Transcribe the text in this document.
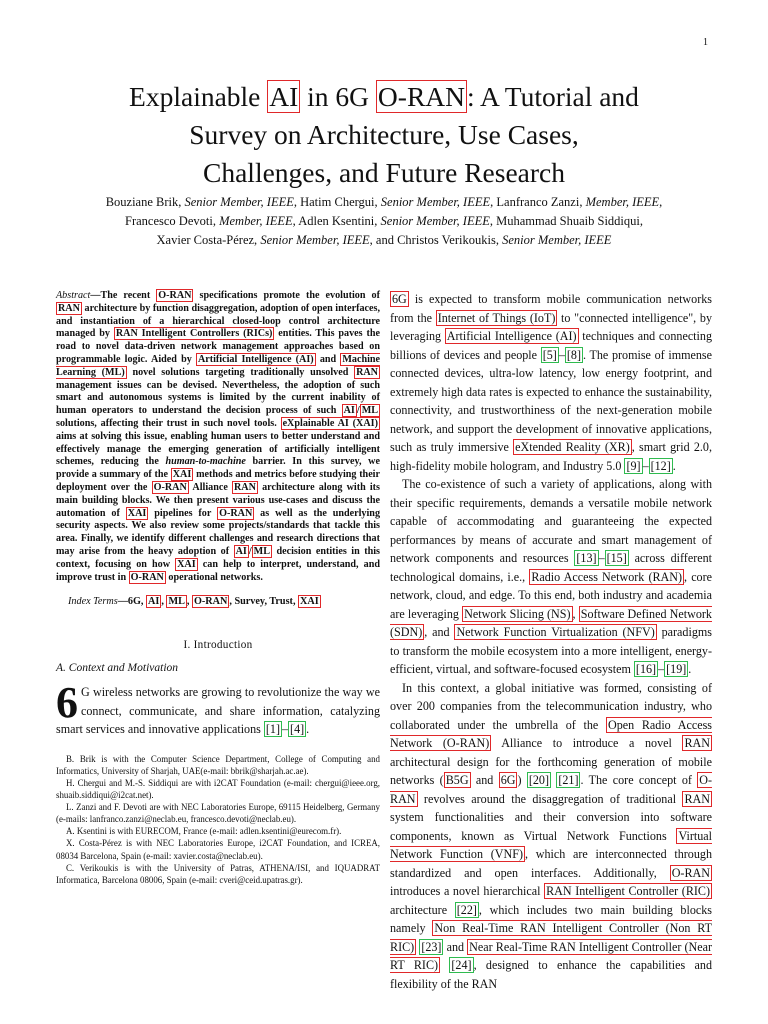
1
Explainable AI in 6G O-RAN: A Tutorial and
Survey on Architecture, Use Cases,
Challenges, and Future Research
Bouziane Brik, Senior Member, IEEE, Hatim Chergui, Senior Member, IEEE, Lanfranco Zanzi, Member, IEEE,
Francesco Devoti, Member, IEEE, Adlen Ksentini, Senior Member, IEEE, Muhammad Shuaib Siddiqui,
Xavier Costa-Pérez, Senior Member, IEEE, and Christos Verikoukis, Senior Member, IEEE

Abstract—The recent O-RAN specifications promote the evolution of RAN architecture by function disaggregation, adoption of open interfaces, and instantiation of a hierarchical closed-loop control architecture managed by RAN Intelligent Controllers (RICs) entities. This paves the road to novel data-driven network management approaches based on programmable logic. Aided by Artificial Intelligence (AI) and Machine Learning (ML) novel solutions targeting traditionally unsolved RAN management issues can be devised. Nevertheless, the adoption of such smart and autonomous systems is limited by the current inability of human operators to understand the decision process of such AI / ML solutions, affecting their trust in such novel tools. eXplainable AI (XAI) aims at solving this issue, enabling human users to better understand and effectively manage the emerging generation of artificially intelligent schemes, reducing the human-to-machine barrier. In this survey, we provide a summary of the XAI methods and metrics before studying their deployment over the O-RAN Alliance RAN architecture along with its main building blocks. We then present various use-cases and discuss the automation of XAI pipelines for O-RAN as well as the underlying security aspects. We also review some projects/standards that tackle this area. Finally, we identify different challenges and research directions that may arise from the heavy adoption of AI / ML decision entities in this context, focusing on how XAI can help to interpret, understand, and improve trust in O-RAN operational networks.

Index Terms—6G, AI , ML , O-RAN , Survey, Trust, XAI

I. Introduction
A. Context and Motivation

6 G wireless networks are growing to revolutionize the way we connect, communicate, and share information, catalyzing smart services and innovative applications [1] – [4] .

B. Brik is with the Computer Science Department, College of Computing and Informatics, University of Sharjah, UAE(e-mail: bbrik@sharjah.ac.ae).

H. Chergui and M.-S. Siddiqui are with i2CAT Foundation (e-mail: chergui@ieee.org, shuaib.siddiqui@i2cat.net).

L. Zanzi and F. Devoti are with NEC Laboratories Europe, 69115 Heidelberg, Germany (e-mails: lanfranco.zanzi@neclab.eu, francesco.devoti@neclab.eu).

A. Ksentini is with EURECOM, France (e-mail: adlen.ksentini@eurecom.fr).

X. Costa-Pérez is with NEC Laboratories Europe, i2CAT Foundation, and ICREA, 08034 Barcelona, Spain (e-mail: xavier.costa@neclab.eu).

C. Verikoukis is with the University of Patras, ATHENA/ISI, and IQUADRAT Informatica, Barcelona 08006, Spain (e-mail: cveri@ceid.upatras.gr).

6G is expected to transform mobile communication networks from the Internet of Things (IoT) to "connected intelligence", by leveraging Artificial Intelligence (AI) techniques and connecting billions of devices and people [5] – [8] . The promise of immense connected devices, ultra-low latency, low energy footprint, and extremely high data rates is expected to enhance the sustainability, connectivity, and trustworthiness of the next-generation mobile network, and support the development of innovative applications, such as truly immersive eXtended Reality (XR) , smart grid 2.0, high-fidelity mobile hologram, and Industry 5.0 [9] – [12] .

The co-existence of such a variety of applications, along with their specific requirements, demands a versatile mobile network capable of accommodating and guaranteeing the expected performances by means of accurate and smart management of network components and resources [13] – [15] across different technological domains, i.e., Radio Access Network (RAN) , core network, cloud, and edge. To this end, both industry and academia are leveraging Network Slicing (NS) , Software Defined Network (SDN) , and Network Function Virtualization (NFV) paradigms to transform the mobile ecosystem into a more intelligent, energy-efficient, virtual, and software-focused ecosystem [16] – [19] .

In this context, a global initiative was formed, consisting of over 200 companies from the telecommunication industry, who collaborated under the umbrella of the Open Radio Access Network (O-RAN) Alliance to introduce a novel RAN architectural design for the forthcoming generation of mobile networks ( B5G and 6G ) [20] [21] . The core concept of O-RAN revolves around the disaggregation of traditional RAN system functionalities and their conversion into software components, known as Virtual Network Functions Virtual Network Function (VNF) , which are interconnected through standardized and open interfaces. Additionally, O-RAN introduces a novel hierarchical RAN Intelligent Controller (RIC) architecture [22] , which includes two main building blocks namely Non Real-Time RAN Intelligent Controller (Non RT RIC) [23] and Near Real-Time RAN Intelligent Controller (Near RT RIC) [24] , designed to enhance the capabilities and flexibility of the RAN
